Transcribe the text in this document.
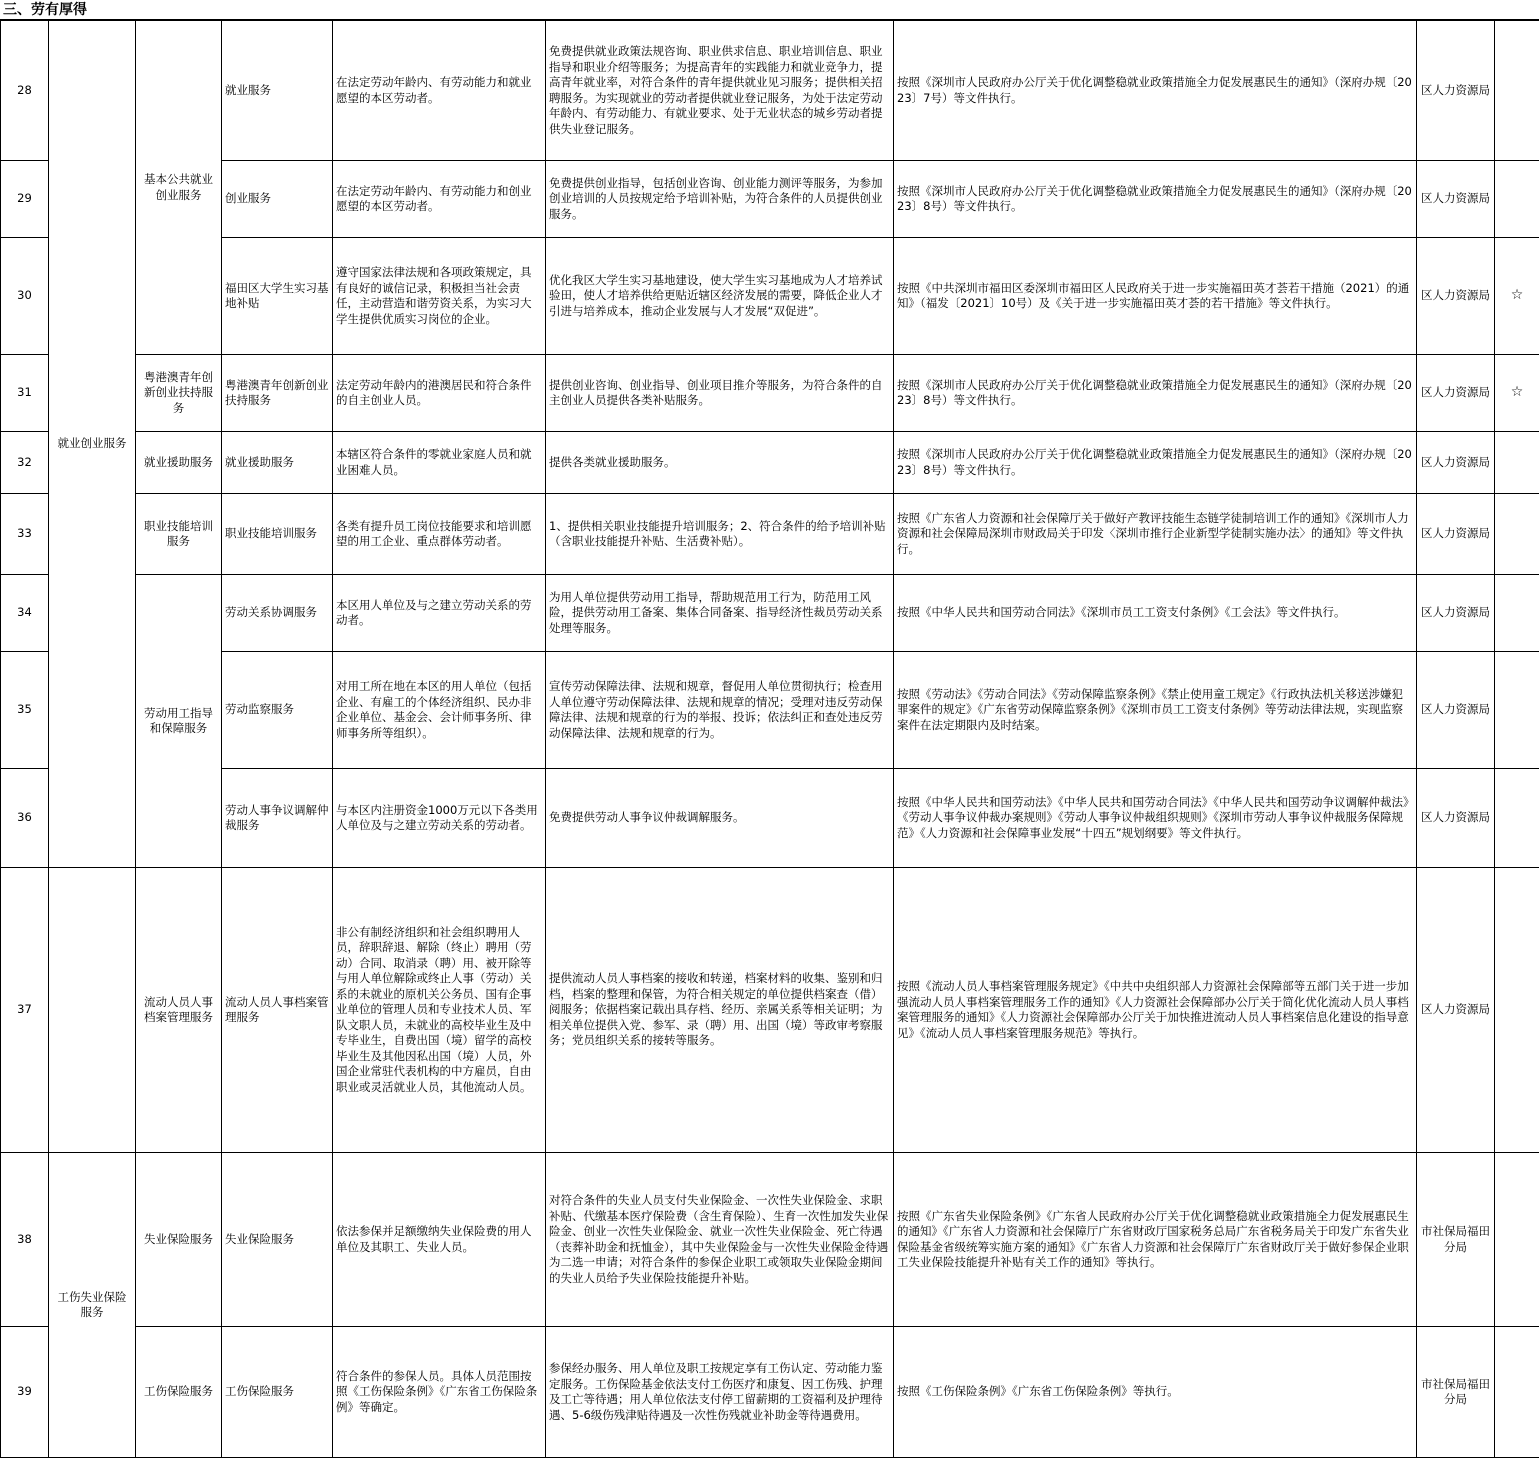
三、劳有厚得
28	就业创业服务	基本公共就业创业服务	就业服务	在法定劳动年龄内、有劳动能力和就业愿望的本区劳动者。	免费提供就业政策法规咨询、职业供求信息、职业培训信息、职业指导和职业介绍等服务；为提高青年的实践能力和就业竞争力，提高青年就业率，对符合条件的青年提供就业见习服务；提供相关招聘服务。为实现就业的劳动者提供就业登记服务，为处于法定劳动年龄内、有劳动能力、有就业要求、处于无业状态的城乡劳动者提供失业登记服务。	按照《深圳市人民政府办公厅关于优化调整稳就业政策措施全力促发展惠民生的通知》（深府办规〔2023〕7号）等文件执行。	区人力资源局	
29			创业服务	在法定劳动年龄内、有劳动能力和创业愿望的本区劳动者。	免费提供创业指导，包括创业咨询、创业能力测评等服务，为参加创业培训的人员按规定给予培训补贴，为符合条件的人员提供创业服务。	按照《深圳市人民政府办公厅关于优化调整稳就业政策措施全力促发展惠民生的通知》（深府办规〔2023〕8号）等文件执行。	区人力资源局	
30			福田区大学生实习基地补贴	遵守国家法律法规和各项政策规定，具有良好的诚信记录，积极担当社会责任，主动营造和谐劳资关系，为实习大学生提供优质实习岗位的企业。	优化我区大学生实习基地建设，使大学生实习基地成为人才培养试验田，使人才培养供给更贴近辖区经济发展的需要，降低企业人才引进与培养成本，推动企业发展与人才发展“双促进”。	按照《中共深圳市福田区委深圳市福田区人民政府关于进一步实施福田英才荟若干措施（2021）的通知》（福发〔2021〕10号）及《关于进一步实施福田英才荟的若干措施》等文件执行。	区人力资源局	☆
31		粤港澳青年创新创业扶持服务	粤港澳青年创新创业扶持服务	法定劳动年龄内的港澳居民和符合条件的自主创业人员。	提供创业咨询、创业指导、创业项目推介等服务，为符合条件的自主创业人员提供各类补贴服务。	按照《深圳市人民政府办公厅关于优化调整稳就业政策措施全力促发展惠民生的通知》（深府办规〔2023〕8号）等文件执行。	区人力资源局	☆
32		就业援助服务	就业援助服务	本辖区符合条件的零就业家庭人员和就业困难人员。	提供各类就业援助服务。	按照《深圳市人民政府办公厅关于优化调整稳就业政策措施全力促发展惠民生的通知》（深府办规〔2023〕8号）等文件执行。	区人力资源局	
33		职业技能培训服务	职业技能培训服务	各类有提升员工岗位技能要求和培训愿望的用工企业、重点群体劳动者。	1、提供相关职业技能提升培训服务；2、符合条件的给予培训补贴（含职业技能提升补贴、生活费补贴）。	按照《广东省人力资源和社会保障厅关于做好产教评技能生态链学徒制培训工作的通知》《深圳市人力资源和社会保障局深圳市财政局关于印发〈深圳市推行企业新型学徒制实施办法〉的通知》等文件执行。	区人力资源局	
34		劳动用工指导和保障服务	劳动关系协调服务	本区用人单位及与之建立劳动关系的劳动者。	为用人单位提供劳动用工指导，帮助规范用工行为，防范用工风险，提供劳动用工备案、集体合同备案、指导经济性裁员劳动关系处理等服务。	按照《中华人民共和国劳动合同法》《深圳市员工工资支付条例》《工会法》等文件执行。	区人力资源局	
35			劳动监察服务	对用工所在地在本区的用人单位（包括企业、有雇工的个体经济组织、民办非企业单位、基金会、会计师事务所、律师事务所等组织）。	宣传劳动保障法律、法规和规章，督促用人单位贯彻执行；检查用人单位遵守劳动保障法律、法规和规章的情况；受理对违反劳动保障法律、法规和规章的行为的举报、投诉；依法纠正和查处违反劳动保障法律、法规和规章的行为。	按照《劳动法》《劳动合同法》《劳动保障监察条例》《禁止使用童工规定》《行政执法机关移送涉嫌犯罪案件的规定》《广东省劳动保障监察条例》《深圳市员工工资支付条例》等劳动法律法规，实现监察案件在法定期限内及时结案。	区人力资源局	
36			劳动人事争议调解仲裁服务	与本区内注册资金1000万元以下各类用人单位及与之建立劳动关系的劳动者。	免费提供劳动人事争议仲裁调解服务。	按照《中华人民共和国劳动法》《中华人民共和国劳动合同法》《中华人民共和国劳动争议调解仲裁法》《劳动人事争议仲裁办案规则》《劳动人事争议仲裁组织规则》《深圳市劳动人事争议仲裁服务保障规范》《人力资源和社会保障事业发展“十四五”规划纲要》等文件执行。	区人力资源局	
37		流动人员人事档案管理服务	流动人员人事档案管理服务	非公有制经济组织和社会组织聘用人员，辞职辞退、解除（终止）聘用（劳动）合同、取消录（聘）用、被开除等与用人单位解除或终止人事（劳动）关系的未就业的原机关公务员、国有企事业单位的管理人员和专业技术人员、军队文职人员，未就业的高校毕业生及中专毕业生，自费出国（境）留学的高校毕业生及其他因私出国（境）人员，外国企业常驻代表机构的中方雇员，自由职业或灵活就业人员，其他流动人员。	提供流动人员人事档案的接收和转递，档案材料的收集、鉴别和归档，档案的整理和保管，为符合相关规定的单位提供档案查（借）阅服务；依据档案记载出具存档、经历、亲属关系等相关证明；为相关单位提供入党、参军、录（聘）用、出国（境）等政审考察服务；党员组织关系的接转等服务。	按照《流动人员人事档案管理服务规定》《中共中央组织部人力资源社会保障部等五部门关于进一步加强流动人员人事档案管理服务工作的通知》《人力资源社会保障部办公厅关于简化优化流动人员人事档案管理服务的通知》《人力资源社会保障部办公厅关于加快推进流动人员人事档案信息化建设的指导意见》《流动人员人事档案管理服务规范》等执行。	区人力资源局	
38	工伤失业保险服务	失业保险服务	失业保险服务	依法参保并足额缴纳失业保险费的用人单位及其职工、失业人员。	对符合条件的失业人员支付失业保险金、一次性失业保险金、求职补贴、代缴基本医疗保险费（含生育保险）、生育一次性加发失业保险金、创业一次性失业保险金、就业一次性失业保险金、死亡待遇（丧葬补助金和抚恤金），其中失业保险金与一次性失业保险金待遇为二选一申请；对符合条件的参保企业职工或领取失业保险金期间的失业人员给予失业保险技能提升补贴。	按照《广东省失业保险条例》《广东省人民政府办公厅关于优化调整稳就业政策措施全力促发展惠民生的通知》《广东省人力资源和社会保障厅广东省财政厅国家税务总局广东省税务局关于印发广东省失业保险基金省级统筹实施方案的通知》《广东省人力资源和社会保障厅广东省财政厅关于做好参保企业职工失业保险技能提升补贴有关工作的通知》等执行。	市社保局福田分局	
39		工伤保险服务	工伤保险服务	符合条件的参保人员。具体人员范围按照《工伤保险条例》《广东省工伤保险条例》等确定。	参保经办服务、用人单位及职工按规定享有工伤认定、劳动能力鉴定服务。工伤保险基金依法支付工伤医疗和康复、因工伤残、护理及工亡等待遇；用人单位依法支付停工留薪期的工资福利及护理待遇、5-6级伤残津贴待遇及一次性伤残就业补助金等待遇费用。	按照《工伤保险条例》《广东省工伤保险条例》等执行。	市社保局福田分局	
